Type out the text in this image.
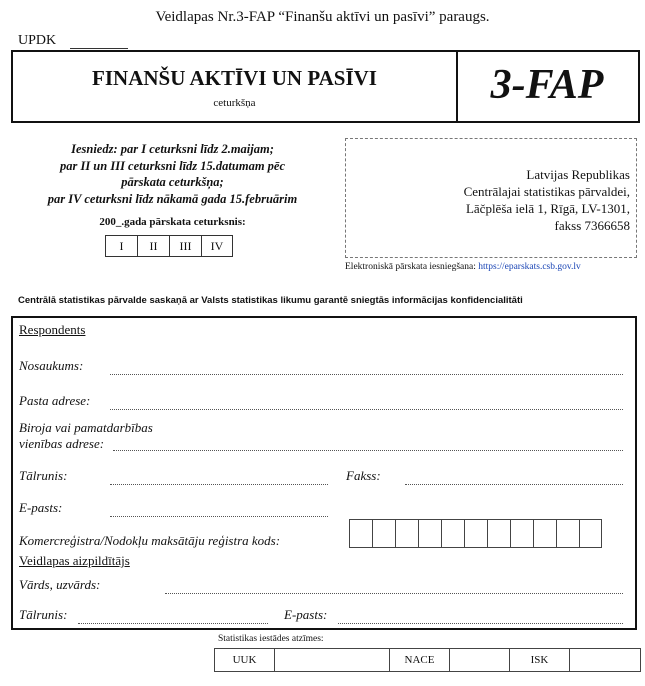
Veidlapas Nr.3-FAP “Finanšu aktīvi un pasīvi” paraugs.
UPDK
FINANŠU AKTĪVI UN PASĪVI
ceturkšņa	3-FAP
Iesniedz: par I ceturksni līdz 2.maijam;
par II un III ceturksni līdz 15.datumam pēc
pārskata ceturkšņa;
par IV ceturksni līdz nākamā gada 15.februārim
200_.gada pārskata ceturksnis:
I	II	III	IV
Latvijas Republikas
Centrālajai statistikas pārvaldei,
Lāčplēša ielā 1, Rīgā, LV-1301,
fakss 7366658
Elektroniskā pārskata iesniegšana: https://eparskats.csb.gov.lv
Centrālā statistikas pārvalde saskaņā ar Valsts statistikas likumu garantē sniegtās informācijas konfidencialitāti
Respondents
Nosaukums:
Pasta adrese:
Biroja vai pamatdarbības
vienības adrese:
Tālrunis:	Fakss:
E-pasts:
Komercreģistra/Nodokļu maksātāju reģistra kods:
Veidlapas aizpildītājs
Vārds, uzvārds:
Tālrunis:	E-pasts:
Statistikas iestādes atzīmes:
UUK	NACE	ISK
